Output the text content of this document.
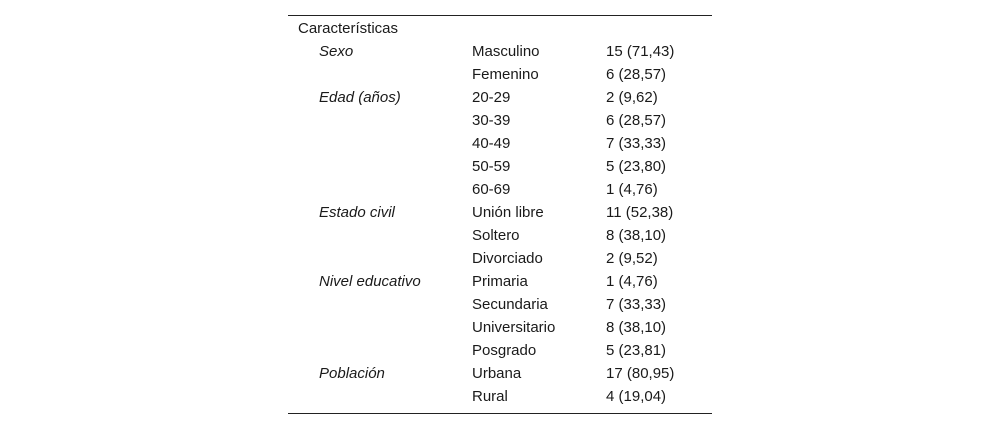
Características
Sexo	Masculino	15 (71,43)
Femenino	6 (28,57)
Edad (años)	20-29	2 (9,62)
30-39	6 (28,57)
40-49	7 (33,33)
50-59	5 (23,80)
60-69	1 (4,76)
Estado civil	Unión libre	11 (52,38)
Soltero	8 (38,10)
Divorciado	2 (9,52)
Nivel educativo	Primaria	1 (4,76)
Secundaria	7 (33,33)
Universitario	8 (38,10)
Posgrado	5 (23,81)
Población	Urbana	17 (80,95)
Rural	4 (19,04)
